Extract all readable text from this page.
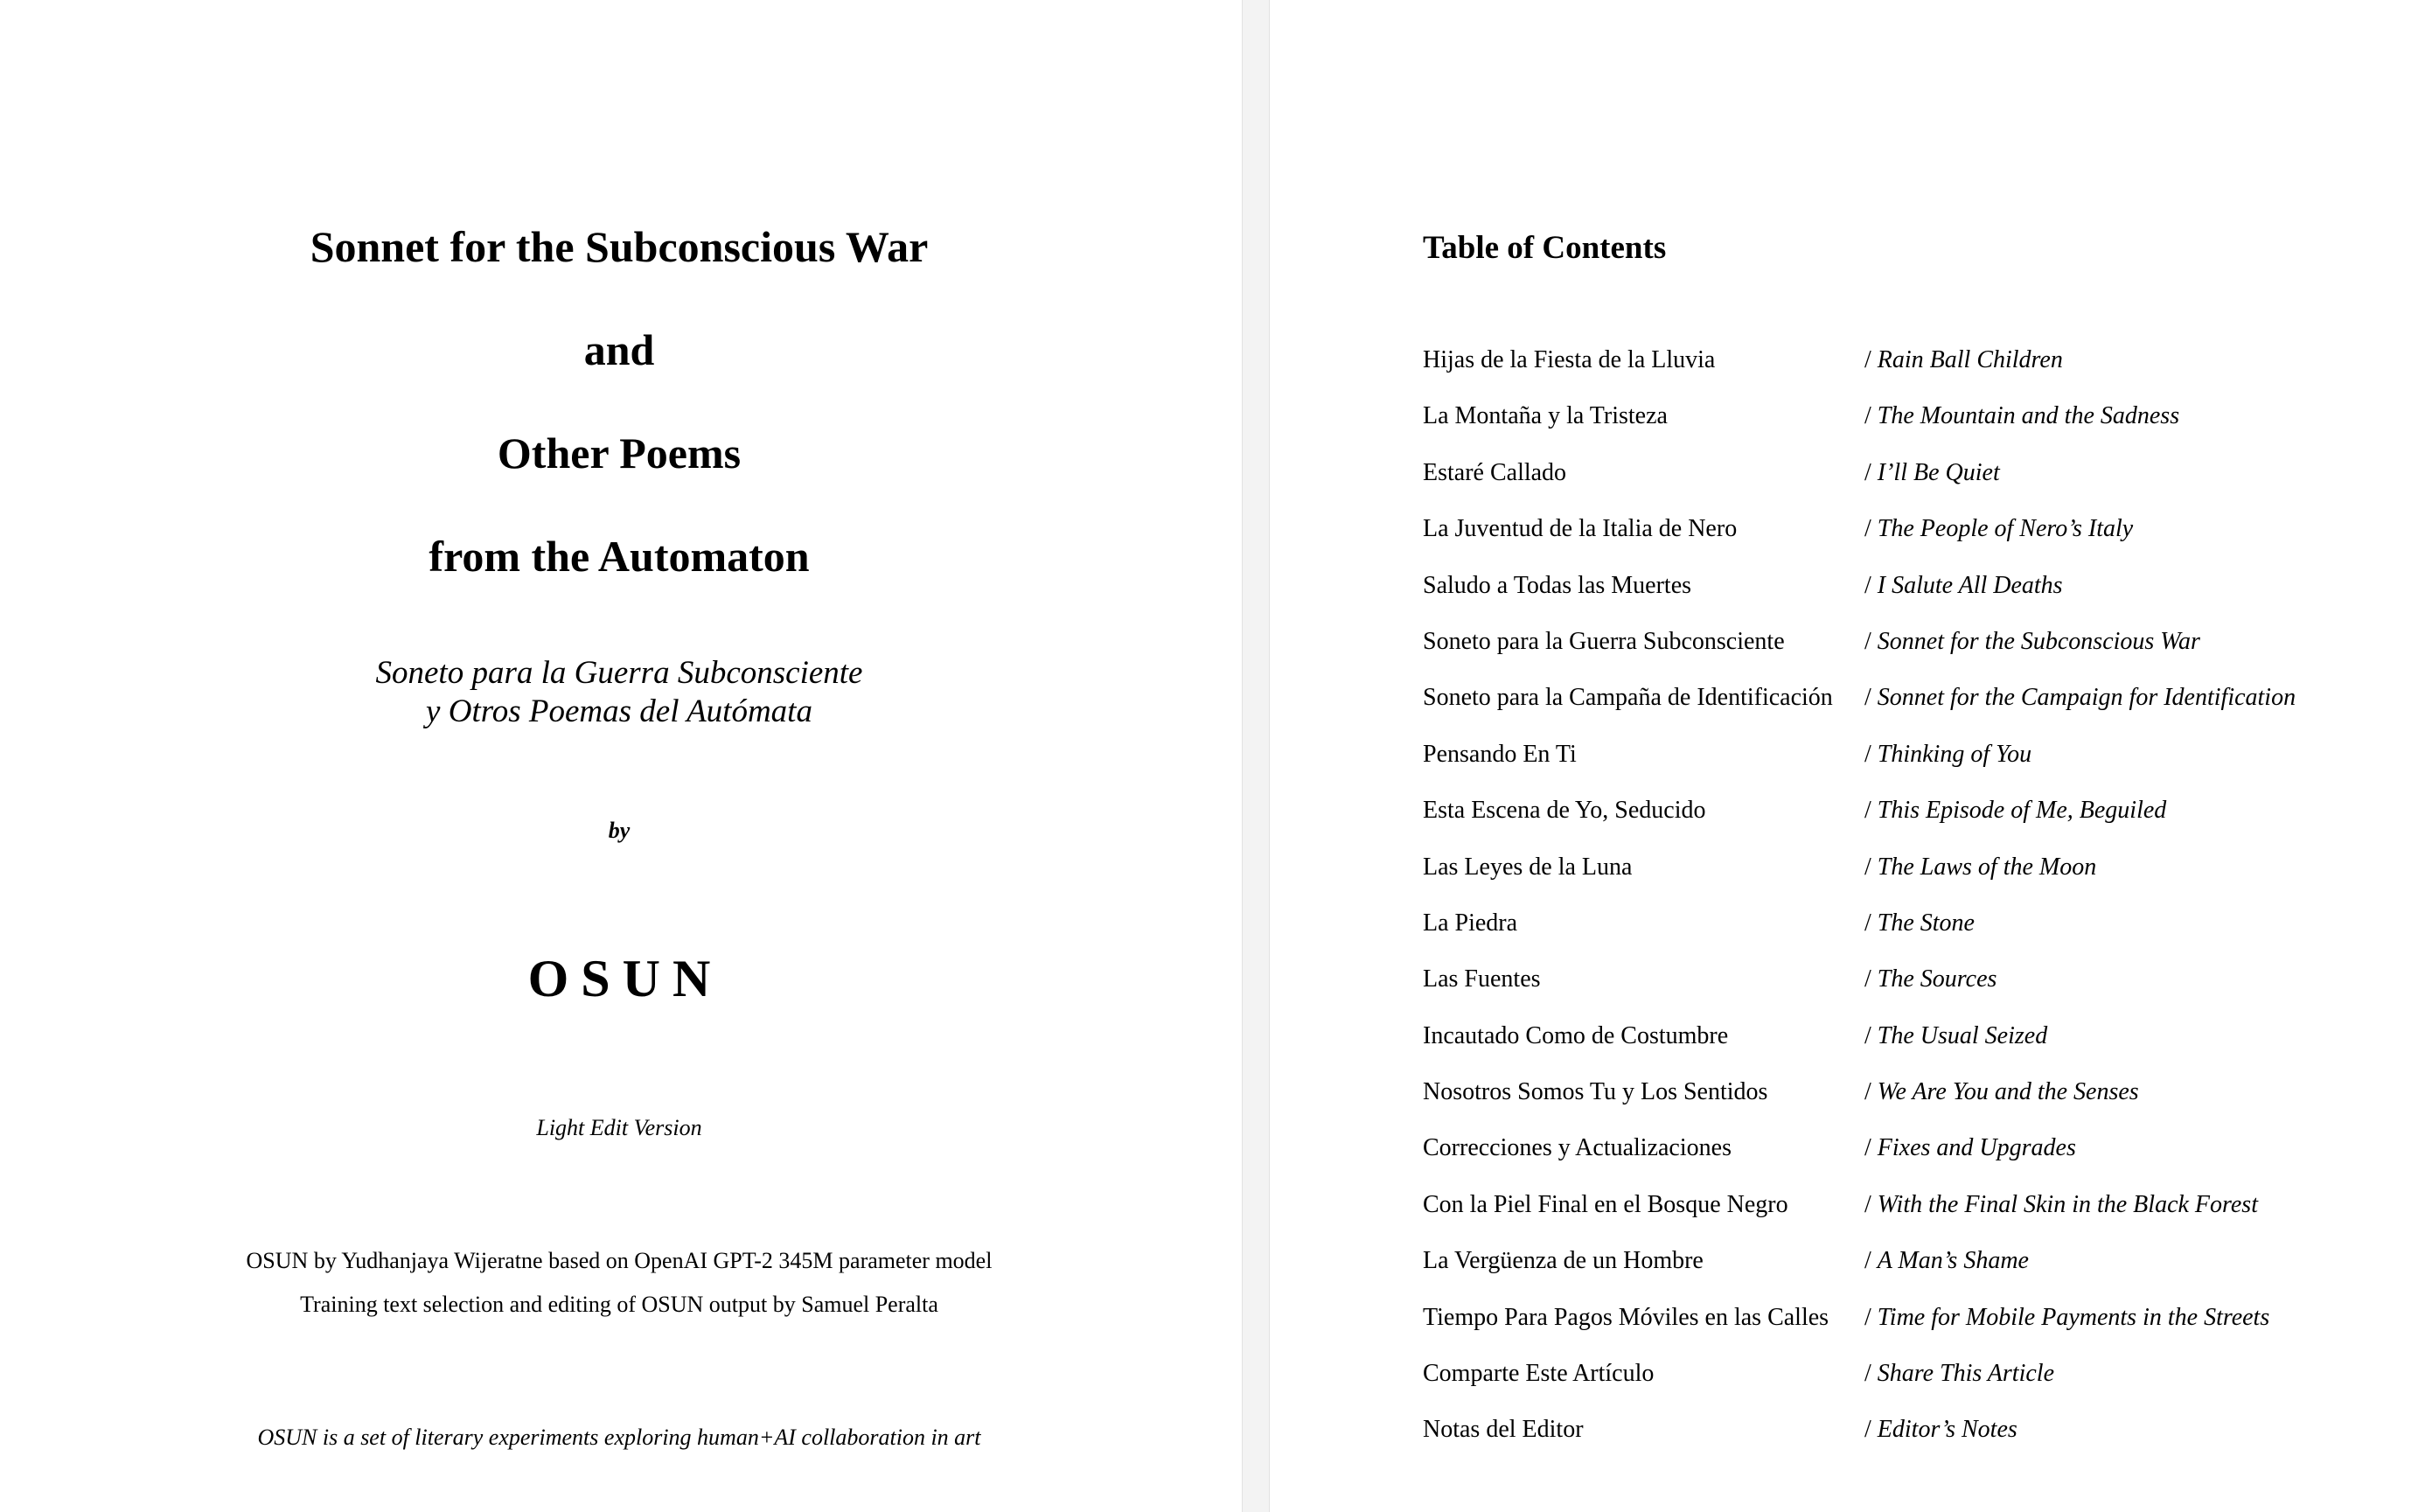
Sonnet for the Subconscious War
and
Other Poems
from the Automaton
Soneto para la Guerra Subconsciente
y Otros Poemas del Autómata
by
OSUN
Light Edit Version
OSUN by Yudhanjaya Wijeratne based on OpenAI GPT-2 345M parameter model
Training text selection and editing of OSUN output by Samuel Peralta
OSUN is a set of literary experiments exploring human+AI collaboration in art
Table of Contents
Hijas de la Fiesta de la Lluvia	/ Rain Ball Children
La Montaña y la Tristeza	/ The Mountain and the Sadness
Estaré Callado	/ I’ll Be Quiet
La Juventud de la Italia de Nero	/ The People of Nero’s Italy
Saludo a Todas las Muertes	/ I Salute All Deaths
Soneto para la Guerra Subconsciente	/ Sonnet for the Subconscious War
Soneto para la Campaña de Identificación / Sonnet for the Campaign for Identification
Pensando En Ti	/ Thinking of You
Esta Escena de Yo, Seducido	/ This Episode of Me, Beguiled
Las Leyes de la Luna	/ The Laws of the Moon
La Piedra	/ The Stone
Las Fuentes	/ The Sources
Incautado Como de Costumbre	/ The Usual Seized
Nosotros Somos Tu y Los Sentidos	/ We Are You and the Senses
Correcciones y Actualizaciones	/ Fixes and Upgrades
Con la Piel Final en el Bosque Negro	/ With the Final Skin in the Black Forest
La Vergüenza de un Hombre	/ A Man’s Shame
Tiempo Para Pagos Móviles en las Calles / Time for Mobile Payments in the Streets
Comparte Este Artículo	/ Share This Article
Notas del Editor	/ Editor’s Notes
